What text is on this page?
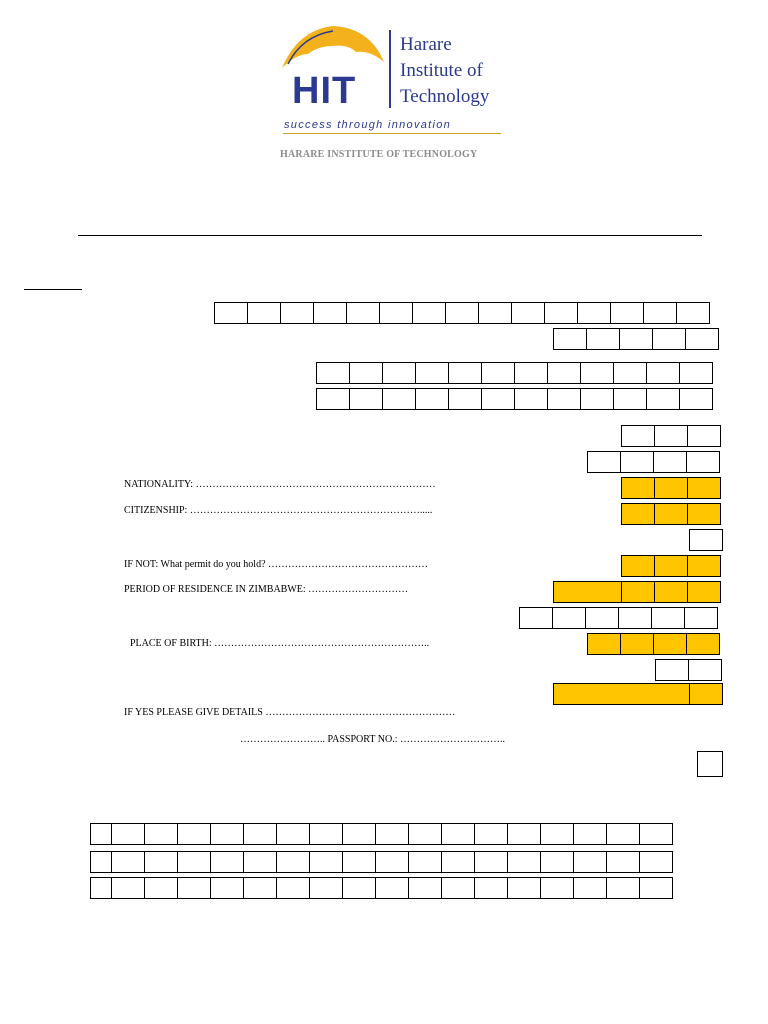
HIT
Harare
Institute of
Technology
success through innovation
HARARE INSTITUTE OF TECHNOLOGY
NATIONALITY: ………………………………………………………………
CITIZENSHIP: …………………………………………………………….....
IF NOT: What permit do you hold? …………………………………………
PERIOD OF RESIDENCE IN ZIMBABWE: …………………………
PLACE OF BIRTH: ………………………………………………………..
IF YES PLEASE GIVE DETAILS …………………………………………………
…………………….. PASSPORT NO.: …………………………..
